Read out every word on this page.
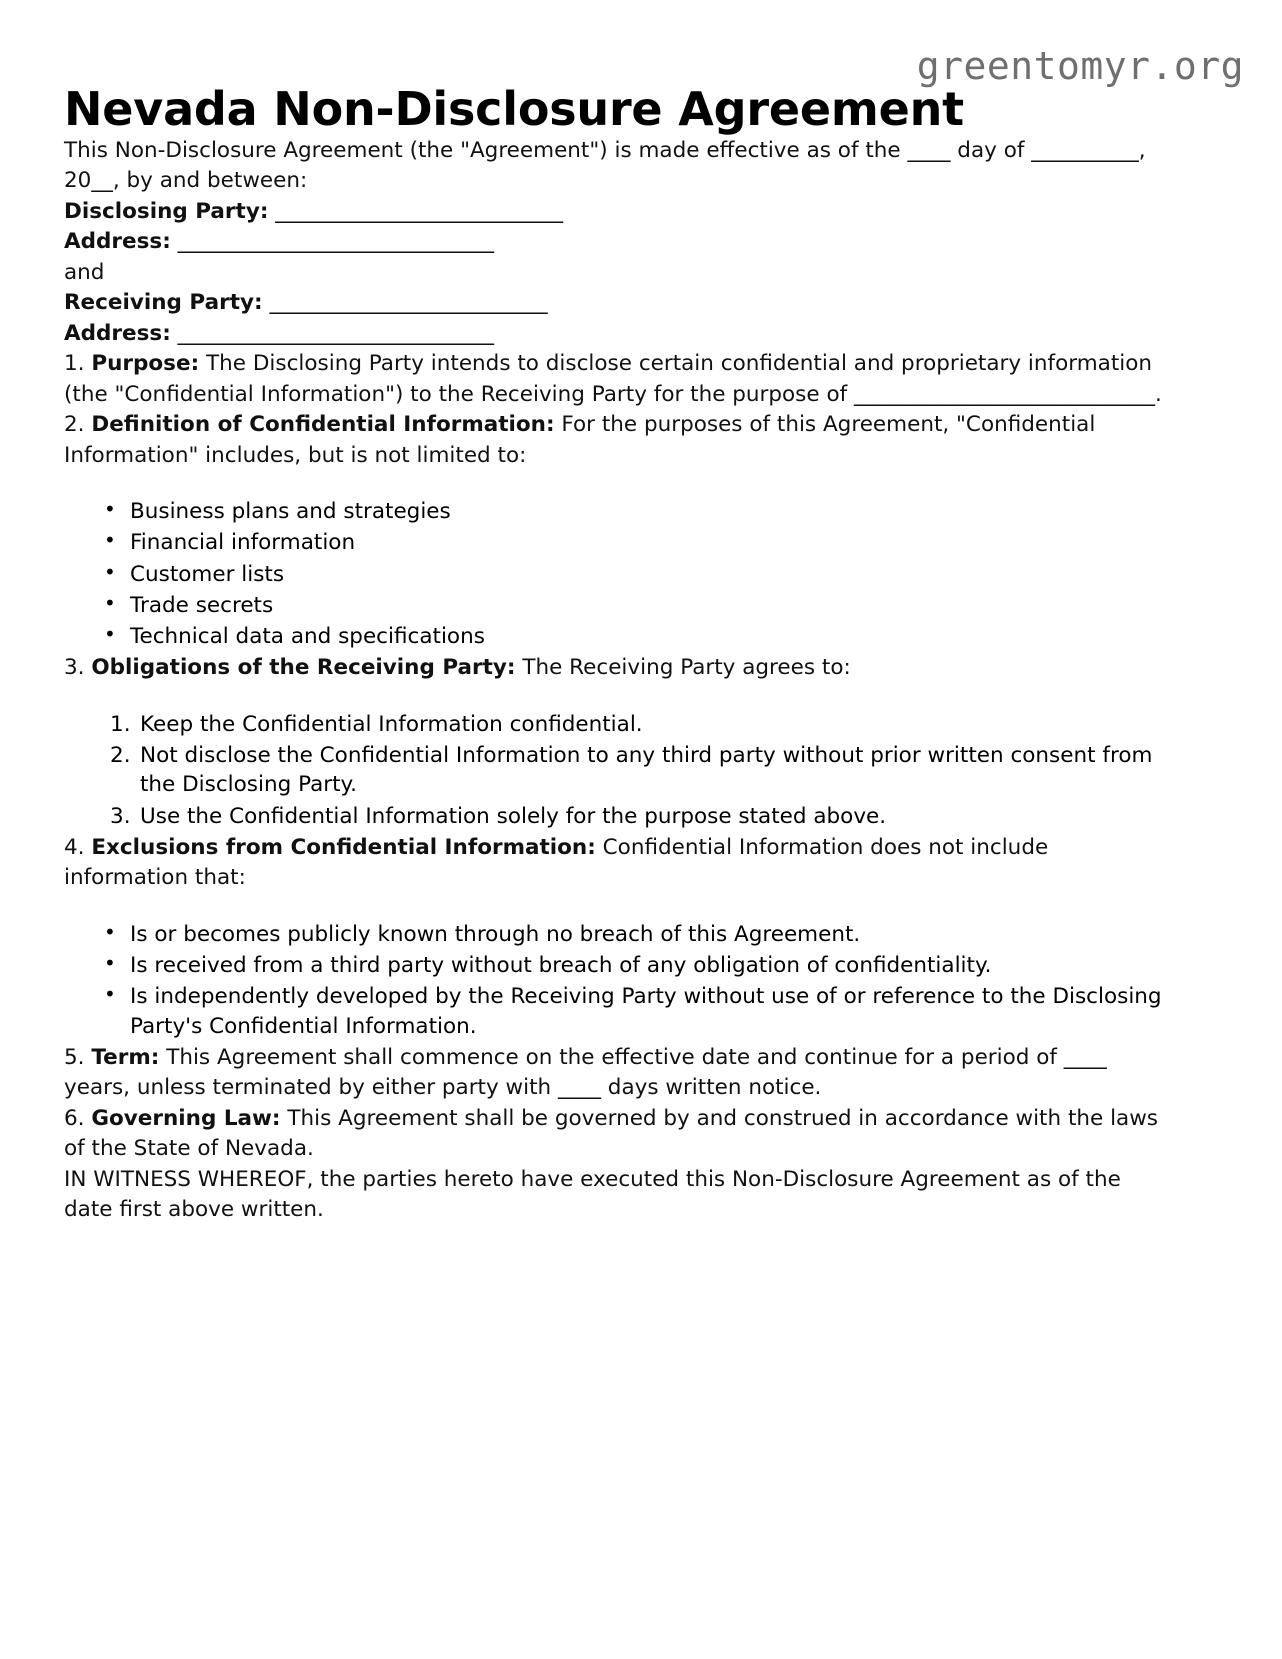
greentomyr.org
Nevada Non-Disclosure Agreement

This Non-Disclosure Agreement (the "Agreement") is made effective as of the ____ day of __________, 20__, by and between:

Disclosing Party: ______________________________

Address: _________________________________

and

Receiving Party: _____________________________

Address: _________________________________

1. Purpose: The Disclosing Party intends to disclose certain confidential and proprietary information (the "Confidential Information") to the Receiving Party for the purpose of ____________________________.

2. Definition of Confidential Information: For the purposes of this Agreement, "Confidential Information" includes, but is not limited to:

• Business plans and strategies
• Financial information
• Customer lists
• Trade secrets
• Technical data and specifications

3. Obligations of the Receiving Party: The Receiving Party agrees to:

Keep the Confidential Information confidential.
Not disclose the Confidential Information to any third party without prior written consent from the Disclosing Party.
Use the Confidential Information solely for the purpose stated above.

4. Exclusions from Confidential Information: Confidential Information does not include information that:

• Is or becomes publicly known through no breach of this Agreement.
• Is received from a third party without breach of any obligation of confidentiality.
• Is independently developed by the Receiving Party without use of or reference to the Disclosing Party's Confidential Information.

5. Term: This Agreement shall commence on the effective date and continue for a period of ____ years, unless terminated by either party with ____ days written notice.

6. Governing Law: This Agreement shall be governed by and construed in accordance with the laws of the State of Nevada.

IN WITNESS WHEREOF, the parties hereto have executed this Non-Disclosure Agreement as of the date first above written.
